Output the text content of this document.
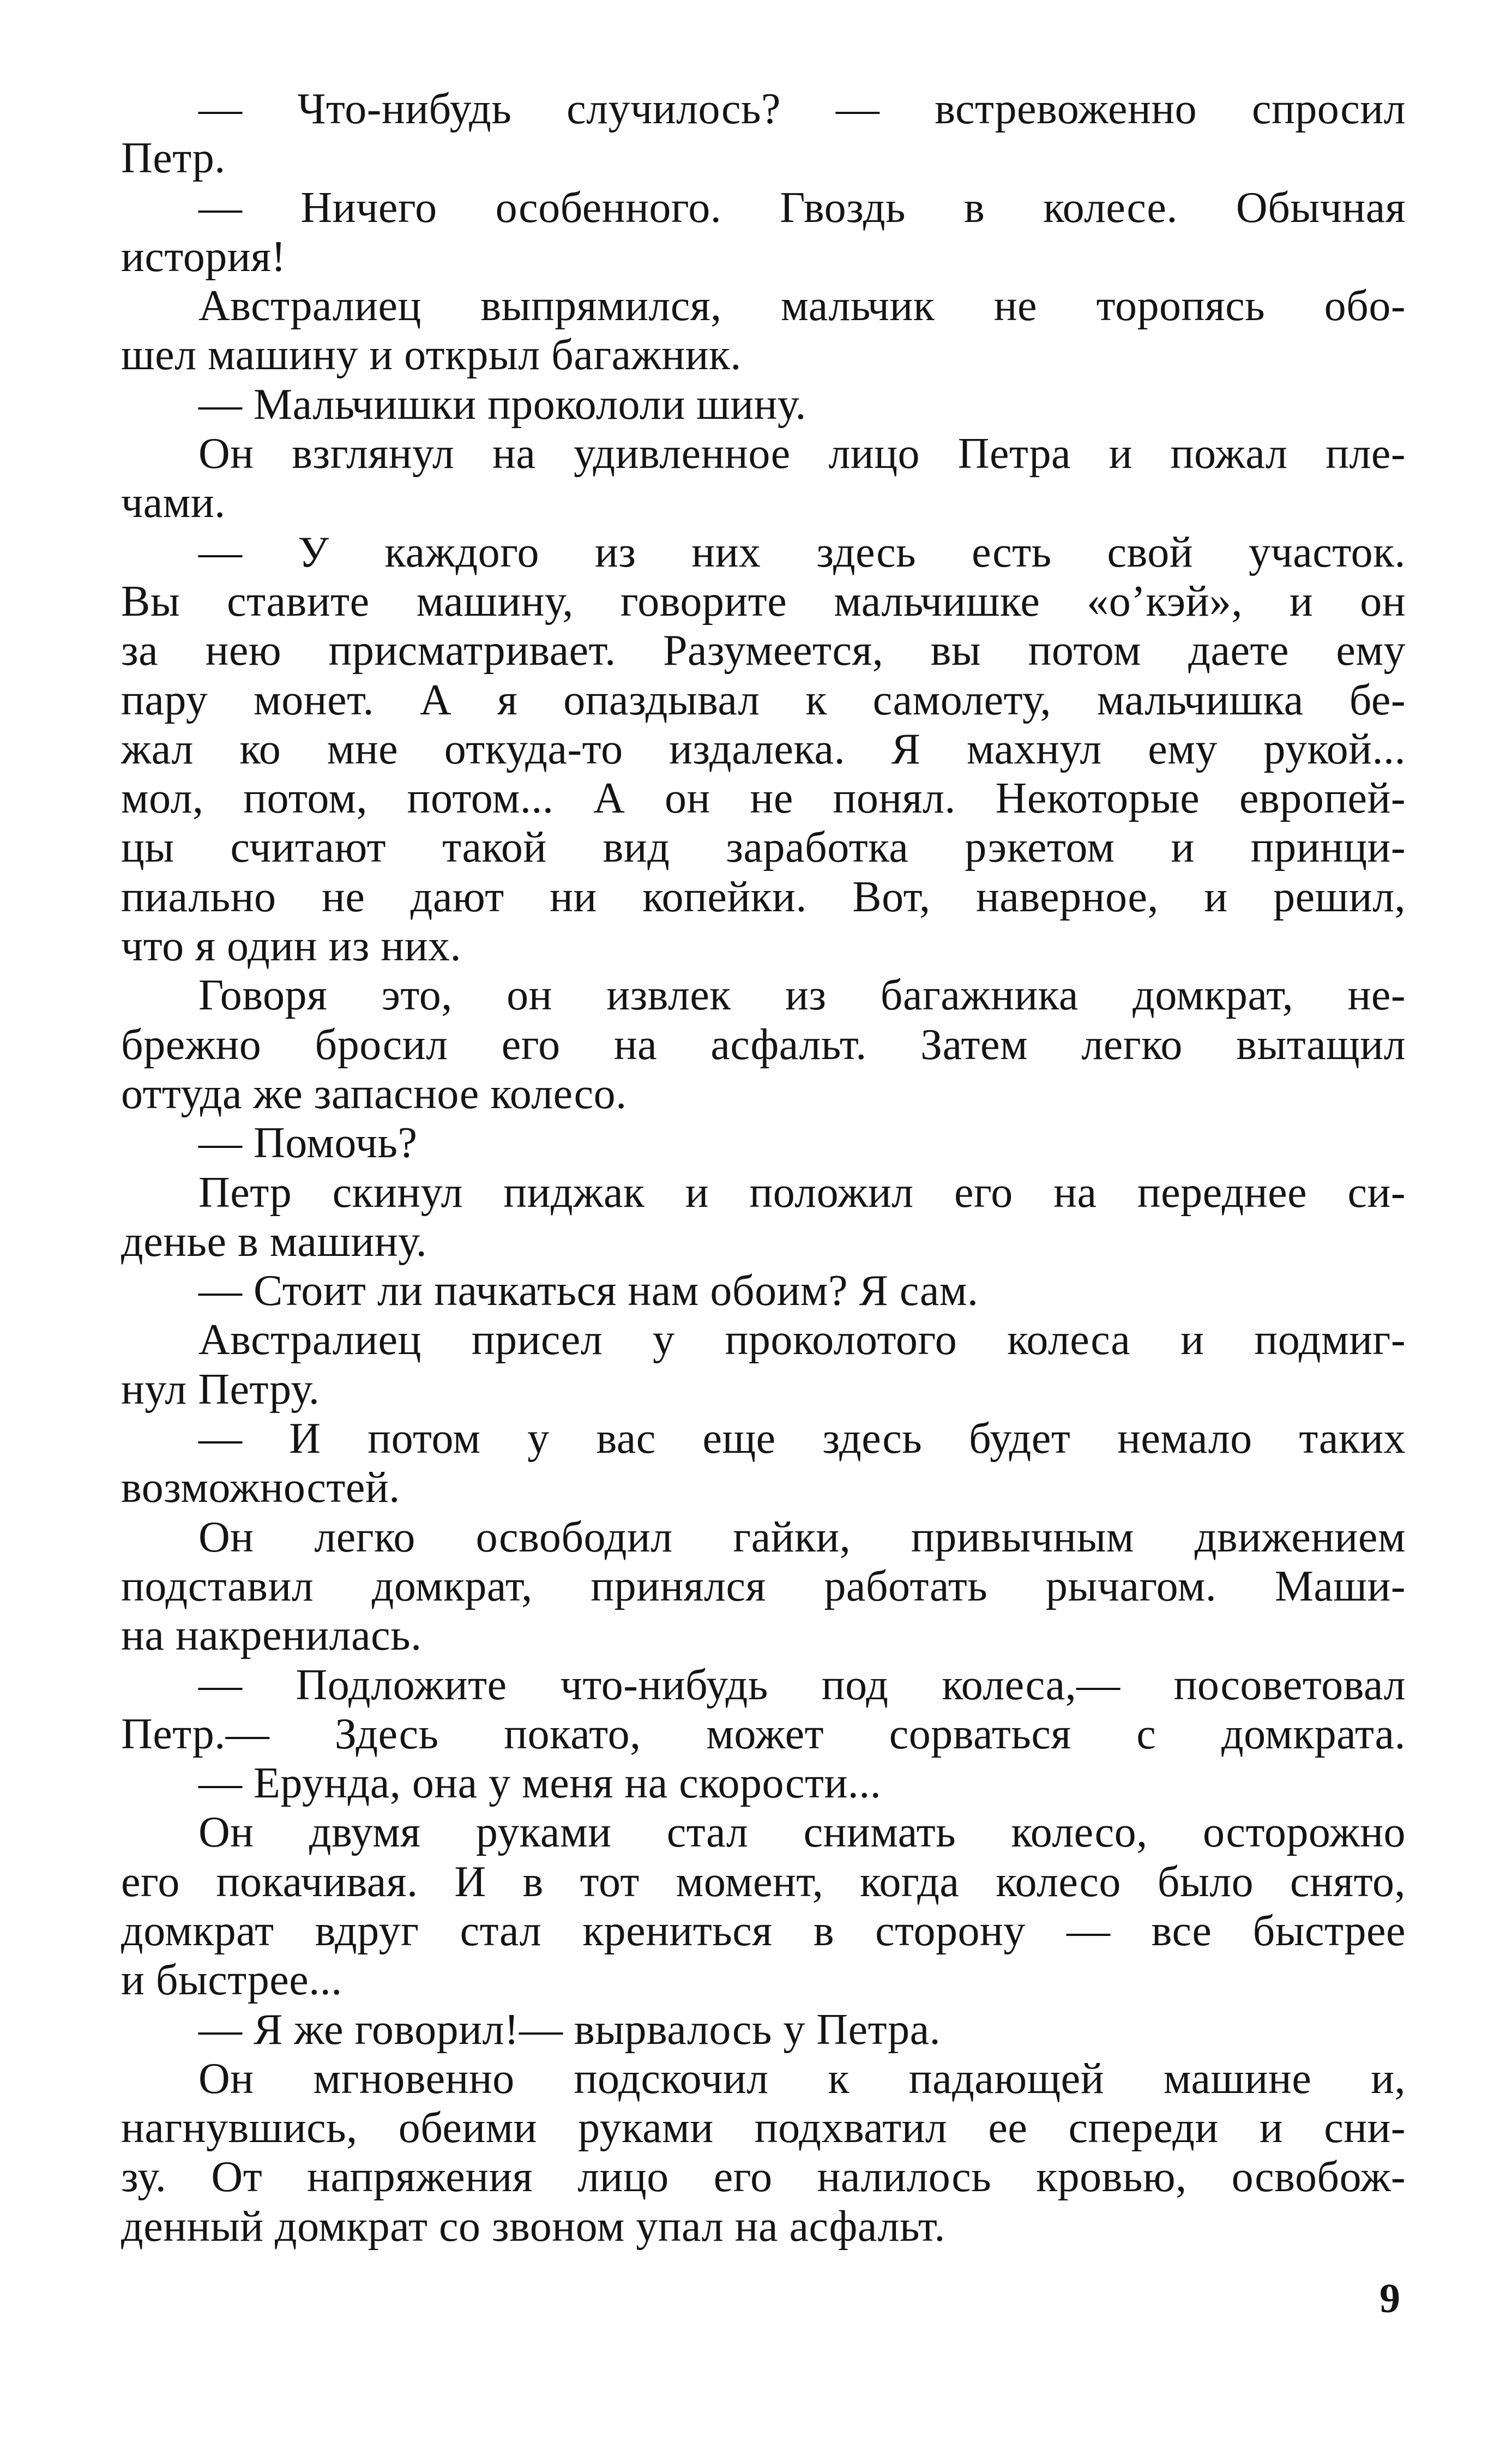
— Что-нибудь случилось? — встревоженно спросил
Петр.
— Ничего особенного. Гвоздь в колесе. Обычная
история!
Австралиец выпрямился, мальчик не торопясь обо-
шел машину и открыл багажник.
— Мальчишки прокололи шину.
Он взглянул на удивленное лицо Петра и пожал пле-
чами.
— У каждого из них здесь есть свой участок.
Вы ставите машину, говорите мальчишке «о’кэй», и он
за нею присматривает. Разумеется, вы потом даете ему
пару монет. А я опаздывал к самолету, мальчишка бе-
жал ко мне откуда-то издалека. Я махнул ему рукой...
мол, потом, потом... А он не понял. Некоторые европей-
цы считают такой вид заработка рэкетом и принци-
пиально не дают ни копейки. Вот, наверное, и решил,
что я один из них.
Говоря это, он извлек из багажника домкрат, не-
брежно бросил его на асфальт. Затем легко вытащил
оттуда же запасное колесо.
— Помочь?
Петр скинул пиджак и положил его на переднее си-
денье в машину.
— Стоит ли пачкаться нам обоим? Я сам.
Австралиец присел у проколотого колеса и подмиг-
нул Петру.
— И потом у вас еще здесь будет немало таких
возможностей.
Он легко освободил гайки, привычным движением
подставил домкрат, принялся работать рычагом. Маши-
на накренилась.
— Подложите что-нибудь под колеса,— посоветовал
Петр.— Здесь покато, может сорваться с домкрата.
— Ерунда, она у меня на скорости...
Он двумя руками стал снимать колесо, осторожно
его покачивая. И в тот момент, когда колесо было снято,
домкрат вдруг стал крениться в сторону — все быстрее
и быстрее...
— Я же говорил!— вырвалось у Петра.
Он мгновенно подскочил к падающей машине и,
нагнувшись, обеими руками подхватил ее спереди и сни-
зу. От напряжения лицо его налилось кровью, освобож-
денный домкрат со звоном упал на асфальт.
9
